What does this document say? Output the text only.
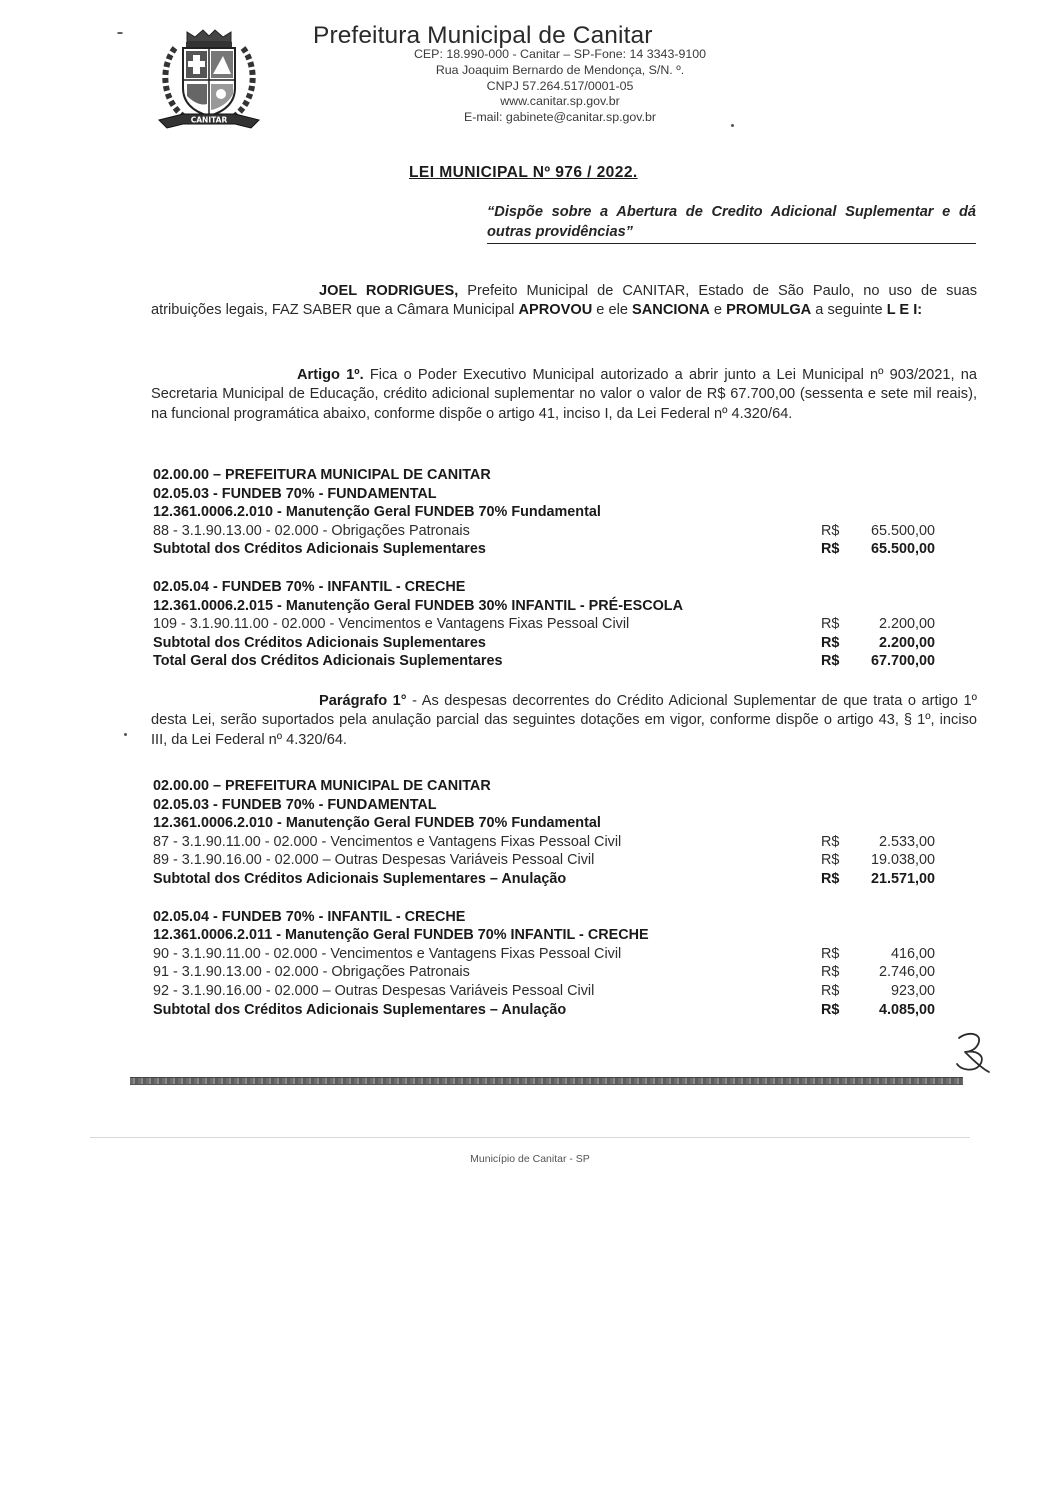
CANITAR
Prefeitura Municipal de Canitar
CEP: 18.990-000 - Canitar – SP-Fone: 14 3343-9100
Rua Joaquim Bernardo de Mendonça, S/N. º.
CNPJ 57.264.517/0001-05
www.canitar.sp.gov.br
E-mail: gabinete@canitar.sp.gov.br
LEI MUNICIPAL Nº 976 / 2022.
“Dispõe sobre a Abertura de Credito Adicional Suplementar e dá outras providências”
JOEL RODRIGUES, Prefeito Municipal de CANITAR, Estado de São Paulo, no uso de suas atribuições legais, FAZ SABER que a Câmara Municipal APROVOU e ele SANCIONA e PROMULGA a seguinte L E I:
Artigo 1º. Fica o Poder Executivo Municipal autorizado a abrir junto a Lei Municipal nº 903/2021, na Secretaria Municipal de Educação, crédito adicional suplementar no valor o valor de R$ 67.700,00 (sessenta e sete mil reais), na funcional programática abaixo, conforme dispõe o artigo 41, inciso I, da Lei Federal nº 4.320/64.
02.00.00 – PREFEITURA MUNICIPAL DE CANITAR
02.05.03 - FUNDEB 70% - FUNDAMENTAL
12.361.0006.2.010 - Manutenção Geral FUNDEB 70% Fundamental
88 - 3.1.90.13.00 - 02.000 - Obrigações Patronais	R$ 65.500,00
Subtotal dos Créditos Adicionais Suplementares	R$ 65.500,00
02.05.04 - FUNDEB 70% - INFANTIL - CRECHE
12.361.0006.2.015 - Manutenção Geral FUNDEB 30% INFANTIL - PRÉ-ESCOLA
109 - 3.1.90.11.00 - 02.000 - Vencimentos e Vantagens Fixas Pessoal Civil	R$	2.200,00
Subtotal dos Créditos Adicionais Suplementares	R$	2.200,00
Total Geral dos Créditos Adicionais Suplementares	R$ 67.700,00
Parágrafo 1° - As despesas decorrentes do Crédito Adicional Suplementar de que trata o artigo 1º desta Lei, serão suportados pela anulação parcial das seguintes dotações em vigor, conforme dispõe o artigo 43, § 1º, inciso III, da Lei Federal nº 4.320/64.
02.00.00 – PREFEITURA MUNICIPAL DE CANITAR
02.05.03 - FUNDEB 70% - FUNDAMENTAL
12.361.0006.2.010 - Manutenção Geral FUNDEB 70% Fundamental
87 - 3.1.90.11.00 - 02.000 - Vencimentos e Vantagens Fixas Pessoal Civil	R$	2.533,00
89 - 3.1.90.16.00 - 02.000 – Outras Despesas Variáveis Pessoal Civil	R$ 19.038,00
Subtotal dos Créditos Adicionais Suplementares – Anulação	R$ 21.571,00
02.05.04 - FUNDEB 70% - INFANTIL - CRECHE
12.361.0006.2.011 - Manutenção Geral FUNDEB 70% INFANTIL - CRECHE
90 - 3.1.90.11.00 - 02.000 - Vencimentos e Vantagens Fixas Pessoal Civil	R$	416,00
91 - 3.1.90.13.00 - 02.000 - Obrigações Patronais	R$	2.746,00
92 - 3.1.90.16.00 - 02.000 – Outras Despesas Variáveis Pessoal Civil	R$	923,00
Subtotal dos Créditos Adicionais Suplementares – Anulação	R$	4.085,00
Município de Canitar - SP
